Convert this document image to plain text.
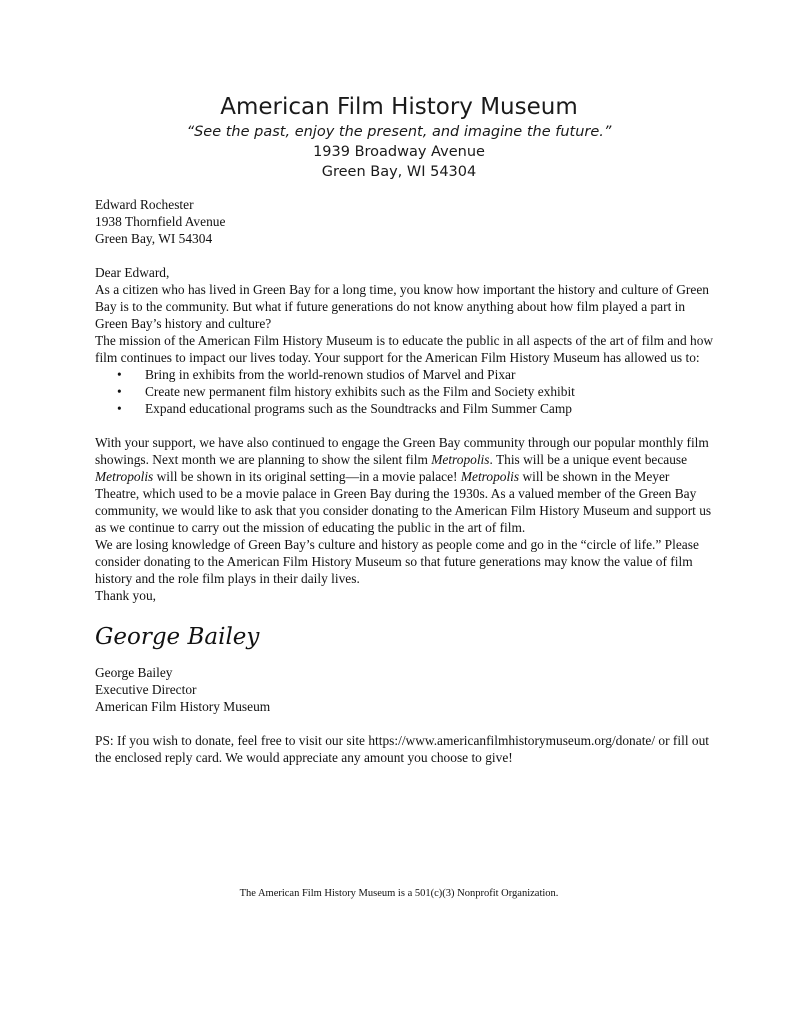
American Film History Museum
“See the past, enjoy the present, and imagine the future.”
1939 Broadway Avenue
Green Bay, WI 54304

Edward Rochester

1938 Thornfield Avenue

Green Bay, WI 54304

Dear Edward,

As a citizen who has lived in Green Bay for a long time, you know how important the history and culture of Green Bay is to the community. But what if future generations do not know anything about how film played a part in Green Bay’s history and culture?

The mission of the American Film History Museum is to educate the public in all aspects of the art of film and how film continues to impact our lives today. Your support for the American Film History Museum has allowed us to:

• Bring in exhibits from the world-renown studios of Marvel and Pixar
• Create new permanent film history exhibits such as the Film and Society exhibit
• Expand educational programs such as the Soundtracks and Film Summer Camp

With your support, we have also continued to engage the Green Bay community through our popular monthly film showings. Next month we are planning to show the silent film Metropolis. This will be a unique event because Metropolis will be shown in its original setting—in a movie palace! Metropolis will be shown in the Meyer Theatre, which used to be a movie palace in Green Bay during the 1930s. As a valued member of the Green Bay community, we would like to ask that you consider donating to the American Film History Museum and support us as we continue to carry out the mission of educating the public in the art of film.

We are losing knowledge of Green Bay’s culture and history as people come and go in the “circle of life.” Please consider donating to the American Film History Museum so that future generations may know the value of film history and the role film plays in their daily lives.

Thank you,

George Bailey

George Bailey

Executive Director

American Film History Museum

PS: If you wish to donate, feel free to visit our site https://www.americanfilmhistorymuseum.org/donate/ or fill out the enclosed reply card. We would appreciate any amount you choose to give!

The American Film History Museum is a 501(c)(3) Nonprofit Organization.
